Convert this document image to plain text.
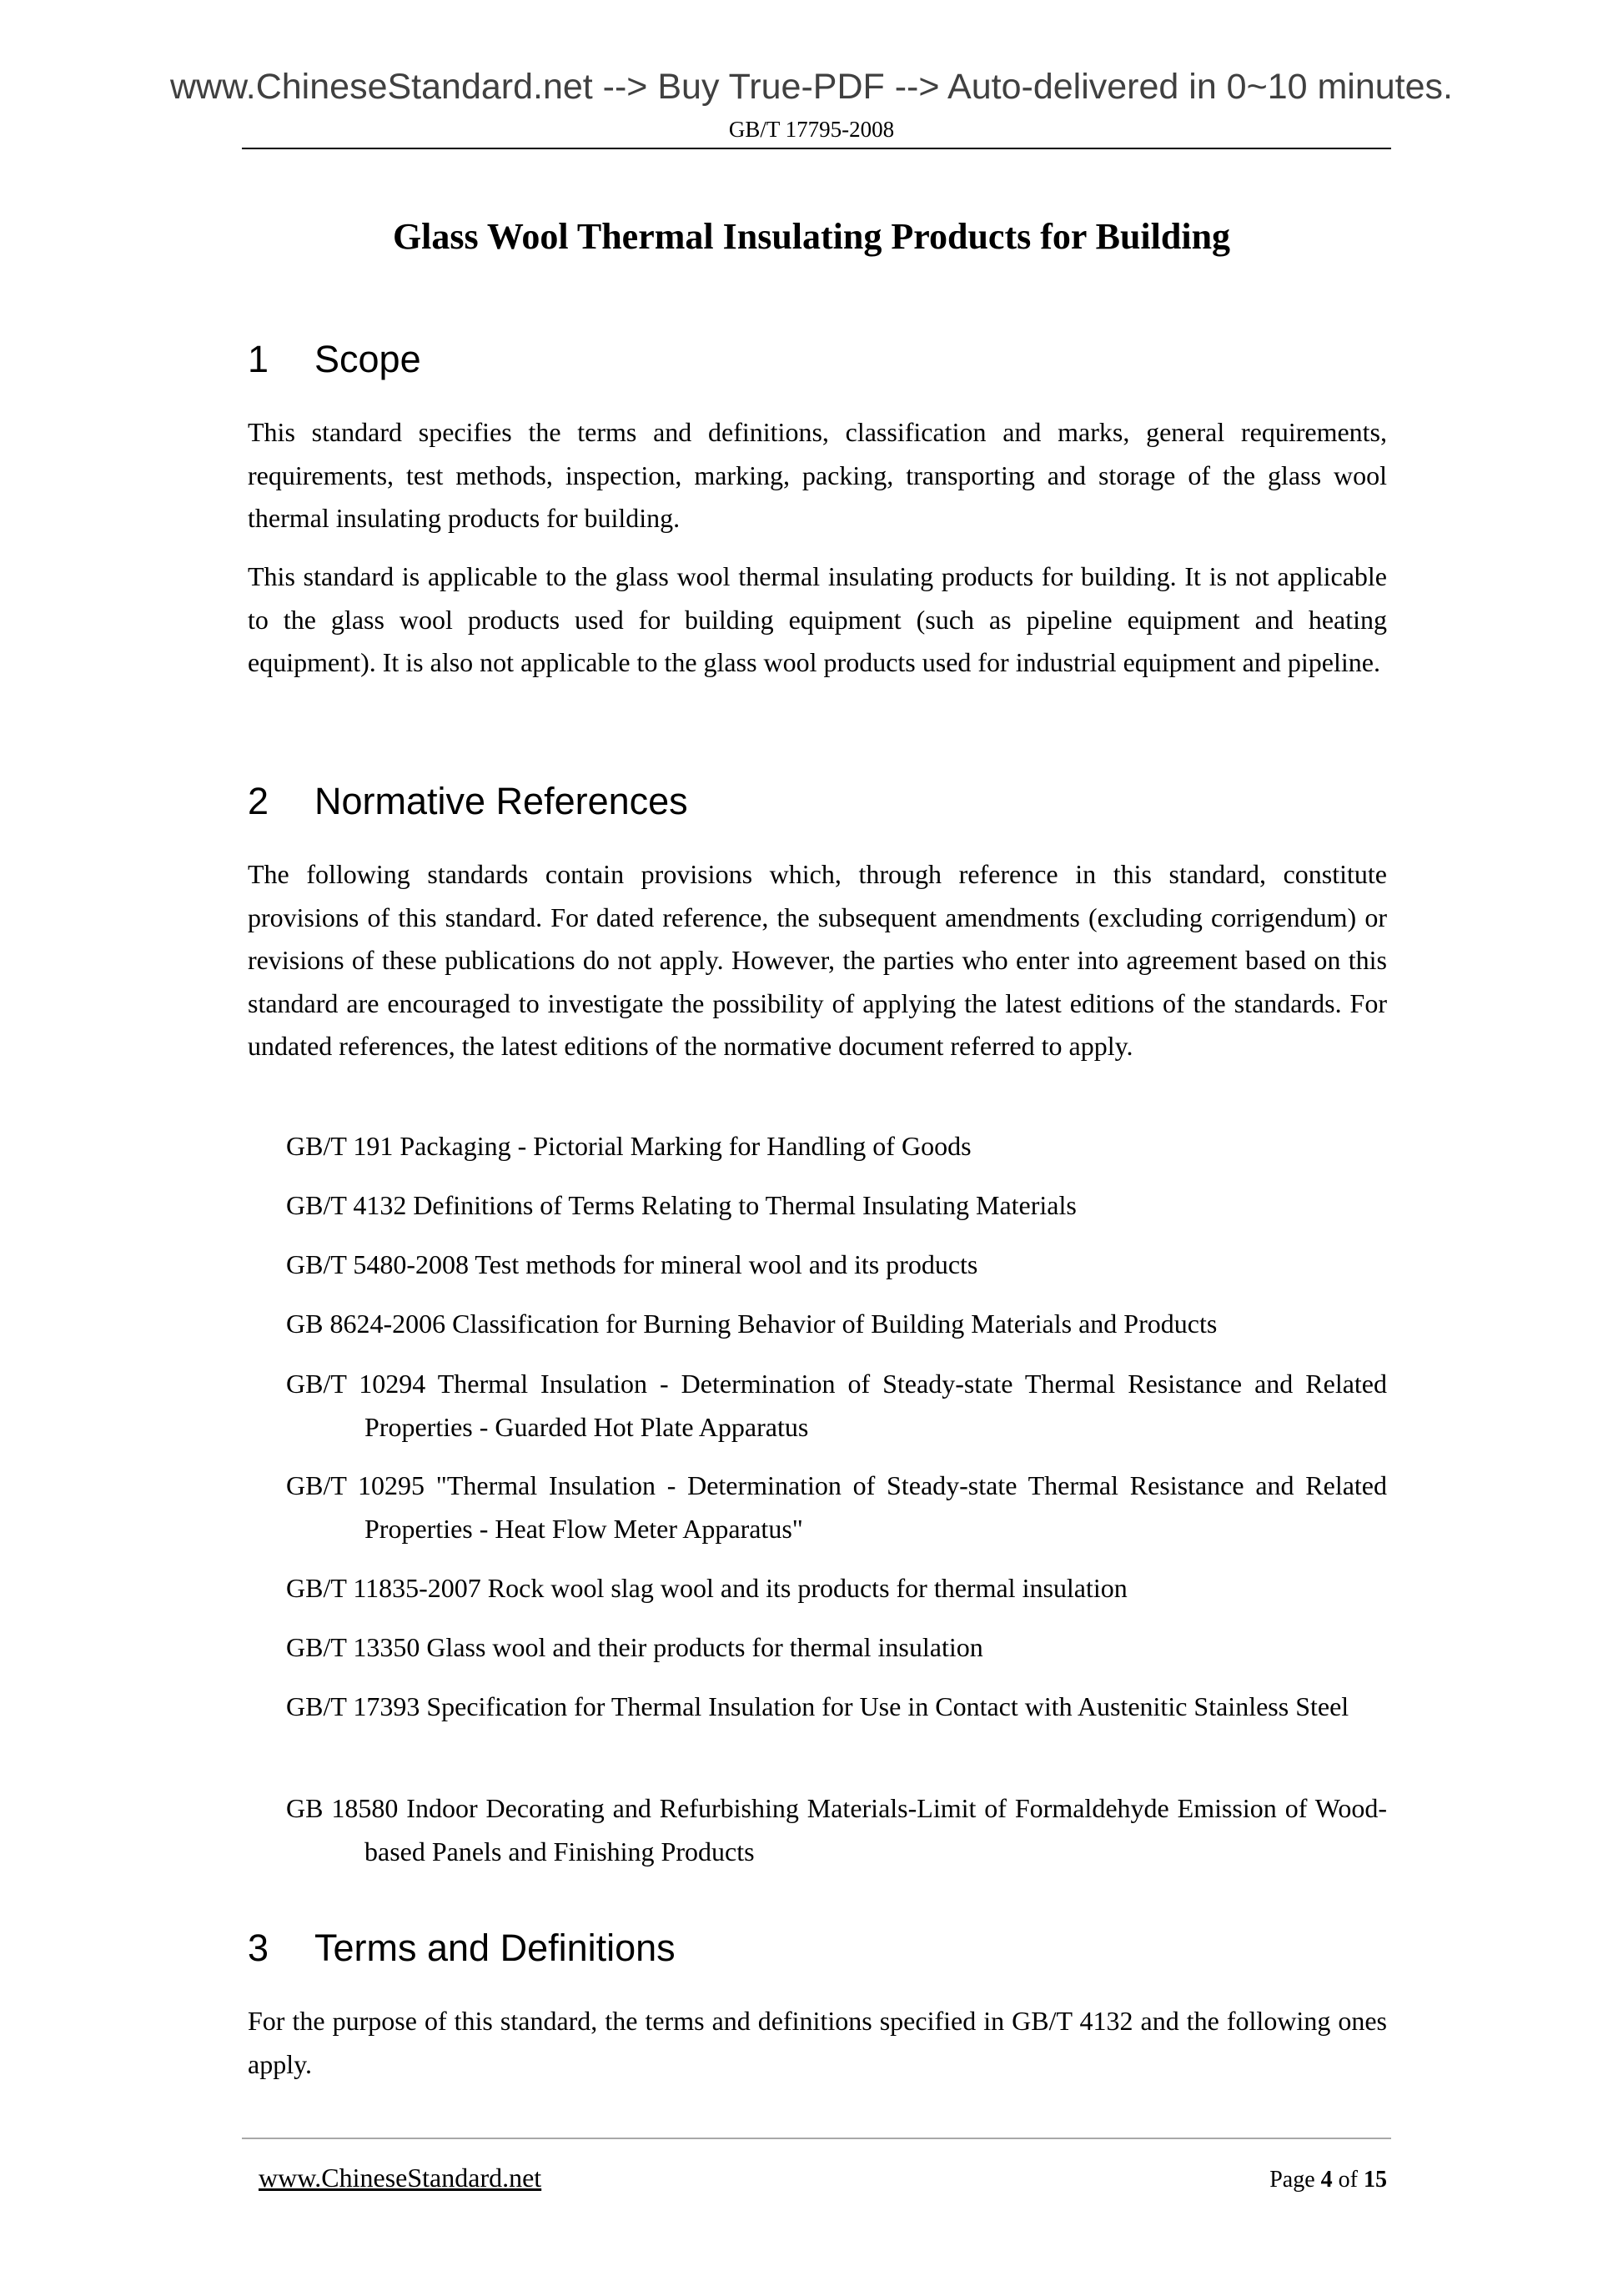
www.ChineseStandard.net --> Buy True-PDF --> Auto-delivered in 0~10 minutes.
GB/T 17795-2008
Glass Wool Thermal Insulating Products for Building
1 Scope

This standard specifies the terms and definitions, classification and marks, general requirements, requirements, test methods, inspection, marking, packing, transporting and storage of the glass wool thermal insulating products for building.

This standard is applicable to the glass wool thermal insulating products for building. It is not applicable to the glass wool products used for building equipment (such as pipeline equipment and heating equipment). It is also not applicable to the glass wool products used for industrial equipment and pipeline.

2 Normative References

The following standards contain provisions which, through reference in this standard, constitute provisions of this standard. For dated reference, the subsequent amendments (excluding corrigendum) or revisions of these publications do not apply. However, the parties who enter into agreement based on this standard are encouraged to investigate the possibility of applying the latest editions of the standards. For undated references, the latest editions of the normative document referred to apply.

GB/T 191 Packaging - Pictorial Marking for Handling of Goods

GB/T 4132 Definitions of Terms Relating to Thermal Insulating Materials

GB/T 5480-2008 Test methods for mineral wool and its products

GB 8624-2006 Classification for Burning Behavior of Building Materials and Products

GB/T 10294 Thermal Insulation - Determination of Steady-state Thermal Resistance and Related Properties - Guarded Hot Plate Apparatus

GB/T 10295 "Thermal Insulation - Determination of Steady-state Thermal Resistance and Related Properties - Heat Flow Meter Apparatus"

GB/T 11835-2007 Rock wool slag wool and its products for thermal insulation

GB/T 13350 Glass wool and their products for thermal insulation

GB/T 17393 Specification for Thermal Insulation for Use in Contact with Austenitic Stainless Steel

GB 18580 Indoor Decorating and Refurbishing Materials-Limit of Formaldehyde Emission of Wood-based Panels and Finishing Products

3 Terms and Definitions

For the purpose of this standard, the terms and definitions specified in GB/T 4132 and the following ones apply.

www.ChineseStandard.net	Page 4 of 15
